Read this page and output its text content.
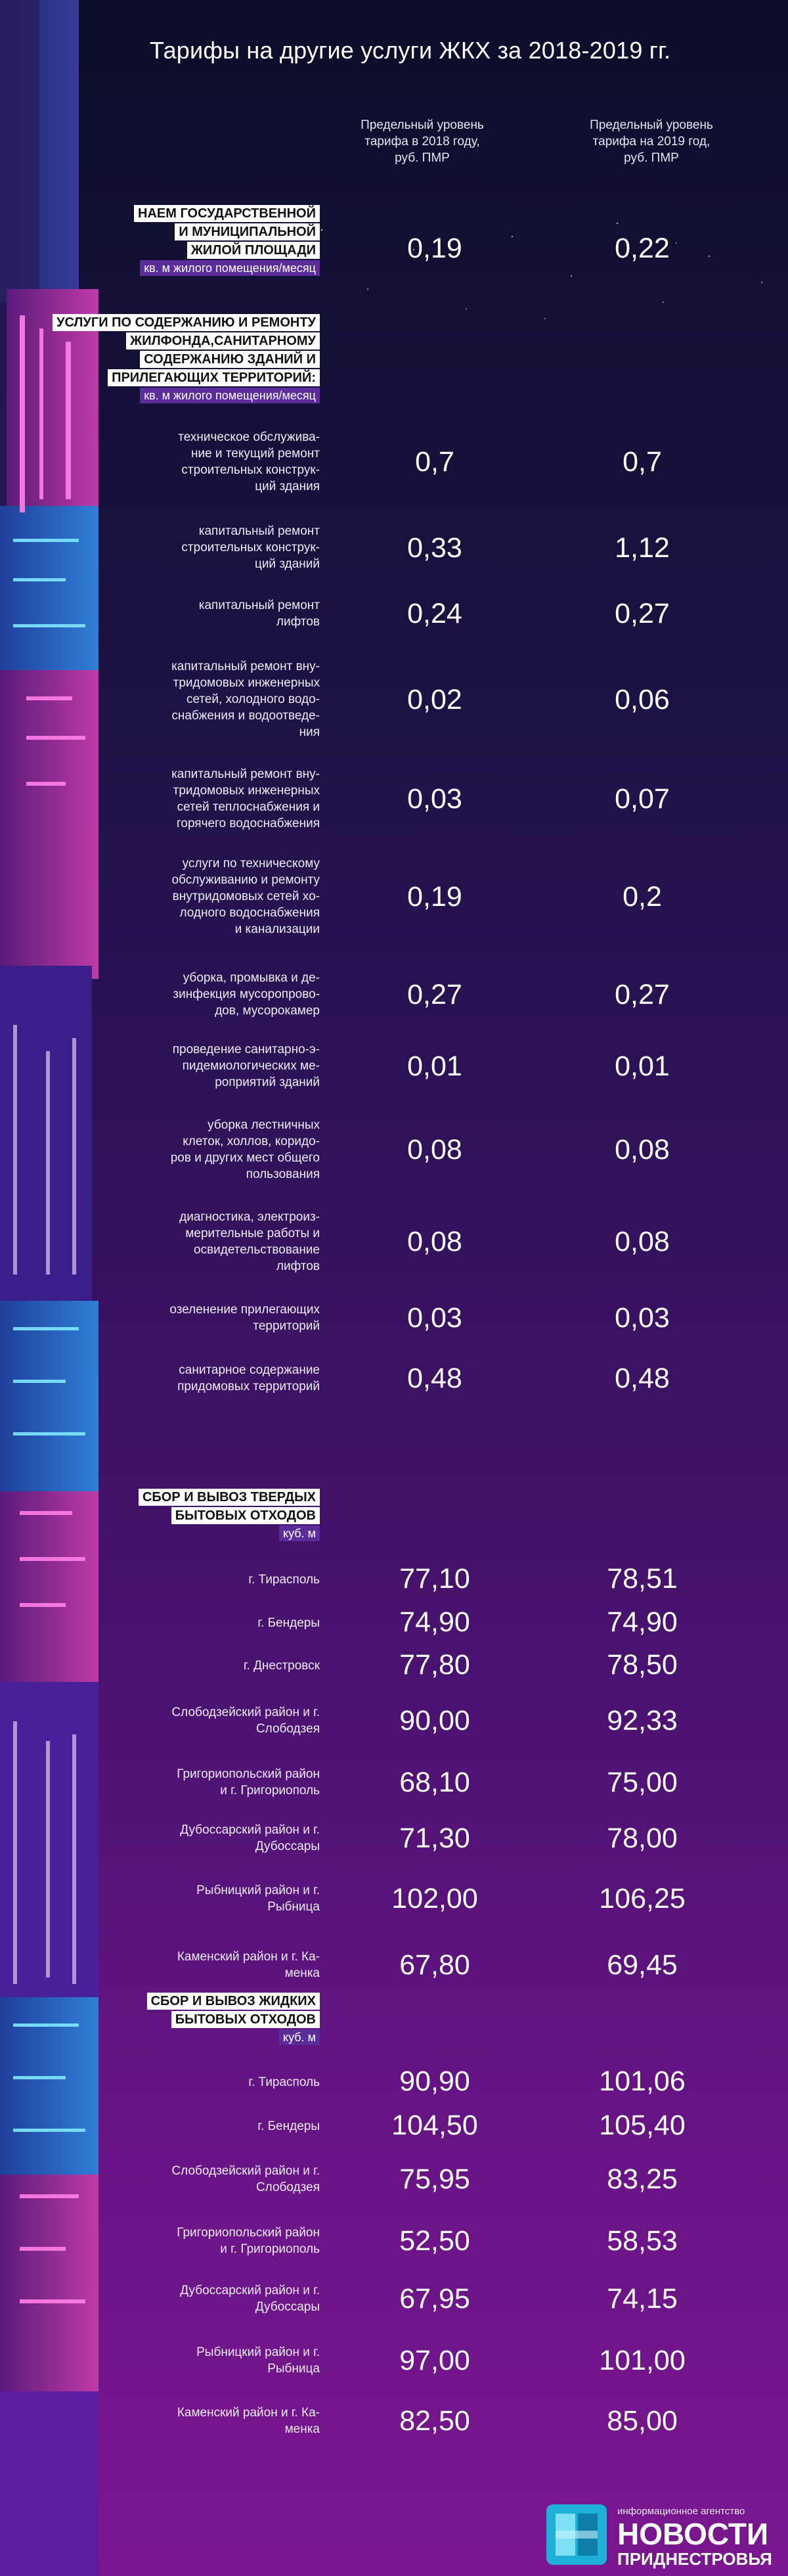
Тарифы на другие услуги ЖКХ за 2018-2019 гг.
Предельный уровень
тарифа в 2018 году,
руб. ПМР
Предельный уровень
тарифа на 2019 год,
руб. ПМР
НАЕМ ГОСУДАРСТВЕННОЙ
И МУНИЦИПАЛЬНОЙ
ЖИЛОЙ ПЛОЩАДИ
кв. м жилого помещения/месяц
0,19	0,22
УСЛУГИ ПО СОДЕРЖАНИЮ И РЕМОНТУ
ЖИЛФОНДА,САНИТАРНОМУ
СОДЕРЖАНИЮ ЗДАНИЙ И
ПРИЛЕГАЮЩИХ ТЕРРИТОРИЙ:
кв. м жилого помещения/месяц
техническое обслужива-
ние и текущий ремонт
строительных конструк-
ций здания
0,7	0,7
капитальный ремонт
строительных конструк-
ций зданий
0,33	1,12
капитальный ремонт
лифтов	0,24	0,27
капитальный ремонт вну-
тридомовых инженерных
сетей, холодного водо-
снабжения и водоотведе-
ния
0,02	0,06
капитальный ремонт вну-
тридомовых инженерных
сетей теплоснабжения и
горячего водоснабжения
0,03	0,07
услуги по техническому
обслуживанию и ремонту
внутридомовых сетей хо-
лодного водоснабжения
и канализации
0,19	0,2
уборка, промывка и де-
зинфекция мусоропрово-
дов, мусорокамер
0,27	0,27
проведение санитарно-э-
пидемиологических ме-
роприятий зданий
0,01	0,01
уборка лестничных
клеток, холлов, коридо-
ров и других мест общего
пользования
0,08	0,08
диагностика, электроиз-
мерительные работы и
освидетельствование
лифтов
0,08	0,08
озеленение прилегающих
территорий	0,03	0,03
санитарное содержание
придомовых территорий	0,48	0,48
СБОР И ВЫВОЗ ТВЕРДЫХ
БЫТОВЫХ ОТХОДОВ
куб. м
г. Тирасполь	77,10	78,51
г. Бендеры	74,90	74,90
г. Днестровск	77,80	78,50
Слободзейский район и г.
Слободзея	90,00	92,33
Григориопольский район
и г. Григориополь	68,10	75,00
Дубоссарский район и г.
Дубоссары	71,30	78,00
Рыбницкий район и г.
Рыбница	102,00	106,25
Каменский район и г. Ка-
менка	67,80	69,45
СБОР И ВЫВОЗ ЖИДКИХ
БЫТОВЫХ ОТХОДОВ
куб. м
г. Тирасполь	90,90	101,06
г. Бендеры	104,50	105,40
Слободзейский район и г.
Слободзея	75,95	83,25
Григориопольский район
и г. Григориополь	52,50	58,53
Дубоссарский район и г.
Дубоссары	67,95	74,15
Рыбницкий район и г.
Рыбница	97,00	101,00
Каменский район и г. Ка-
менка	82,50	85,00
информационное агентство
НОВОСТИ
ПРИДНЕСТРОВЬЯ
